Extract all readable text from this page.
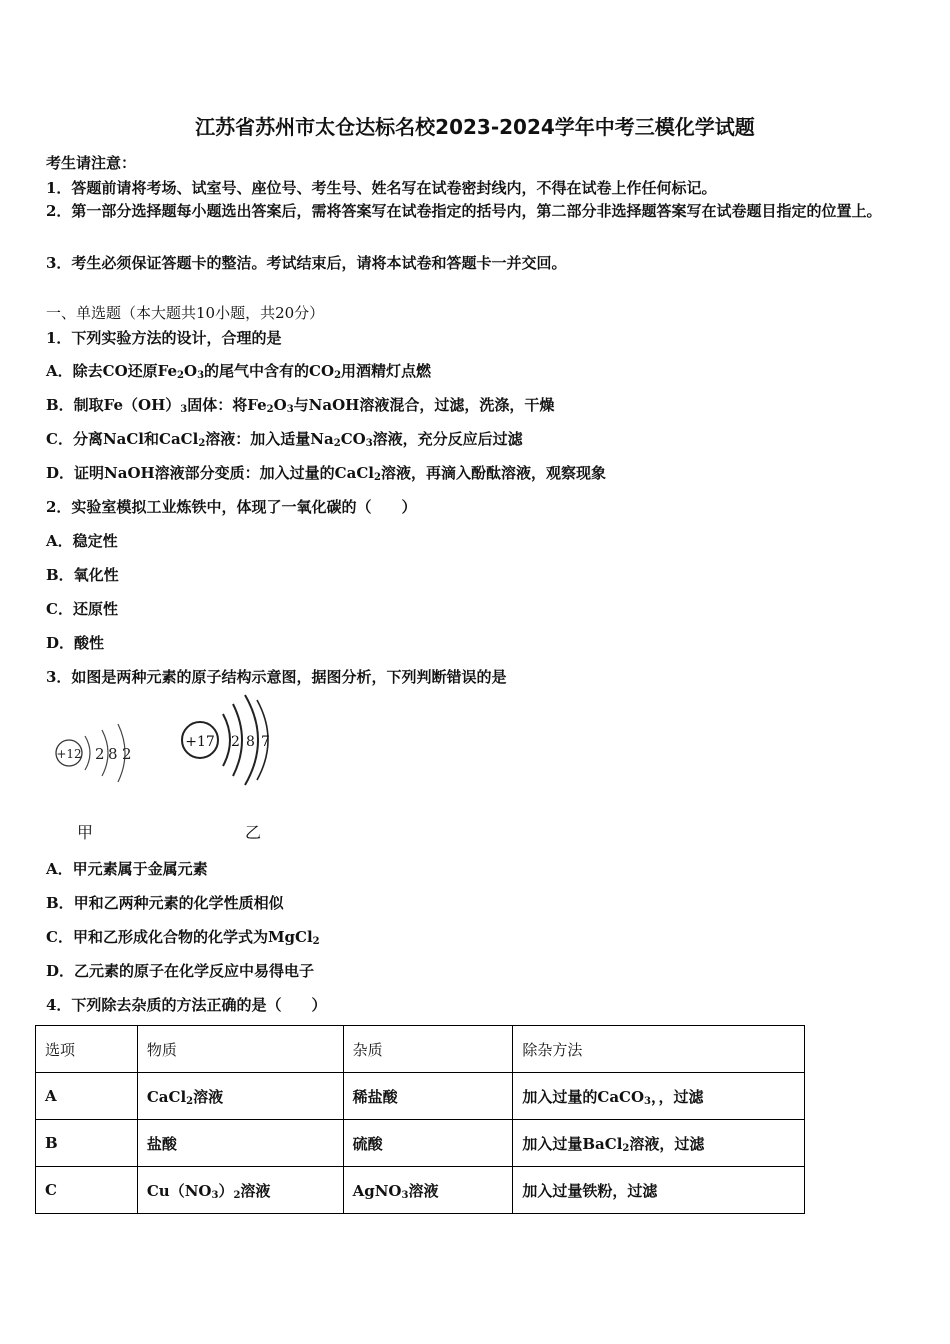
江苏省苏州市太仓达标名校2023-2024学年中考三模化学试题
考生请注意：
1．答题前请将考场、试室号、座位号、考生号、姓名写在试卷密封线内，不得在试卷上作任何标记。
2．第一部分选择题每小题选出答案后，需将答案写在试卷指定的括号内，第二部分非选择题答案写在试卷题目指定的位置上。
3．考生必须保证答题卡的整洁。考试结束后，请将本试卷和答题卡一并交回。
一、单选题（本大题共10小题，共20分）
1．下列实验方法的设计，合理的是
A．除去CO还原$Fe_2O_3$的尾气中含有的$CO_2$用酒精灯点燃
B．制取$Fe(OH)_3$固体：将$Fe_2O_3$与NaOH溶液混合，过滤，洗涤，干燥
C．分离NaCl和CaCl$_2$溶液：加入适量$Na_2CO_3$溶液，充分反应后过滤
D．证明NaOH溶液部分变质：加入过量的CaCl$_2$溶液，再滴入酚酞溶液，观察现象
2．实验室模拟工业炼铁中，体现了一氧化碳的（　　）
A．稳定性
B．氧化性
C．还原性
D．酸性
3．如图是两种元素的原子结构示意图，据图分析，下列判断错误的是
+12 2 8 2
+17 2 8 7
甲	乙
A．甲元素属于金属元素
B．甲和乙两种元素的化学性质相似
C．甲和乙形成化合物的化学式为MgCl$_2$
D．乙元素的原子在化学反应中易得电子
4．下列除去杂质的方法正确的是（　　）
选项	物质	杂质	除杂方法
A	CaCl$_2$溶液	稀盐酸	加入过量的CaCO$_3$，，过滤
B	盐酸	硫酸	加入过量BaCl$_2$溶液，过滤
C	$Cu(NO_3)_2$溶液	AgNO$_3$溶液	加入过量铁粉，过滤
